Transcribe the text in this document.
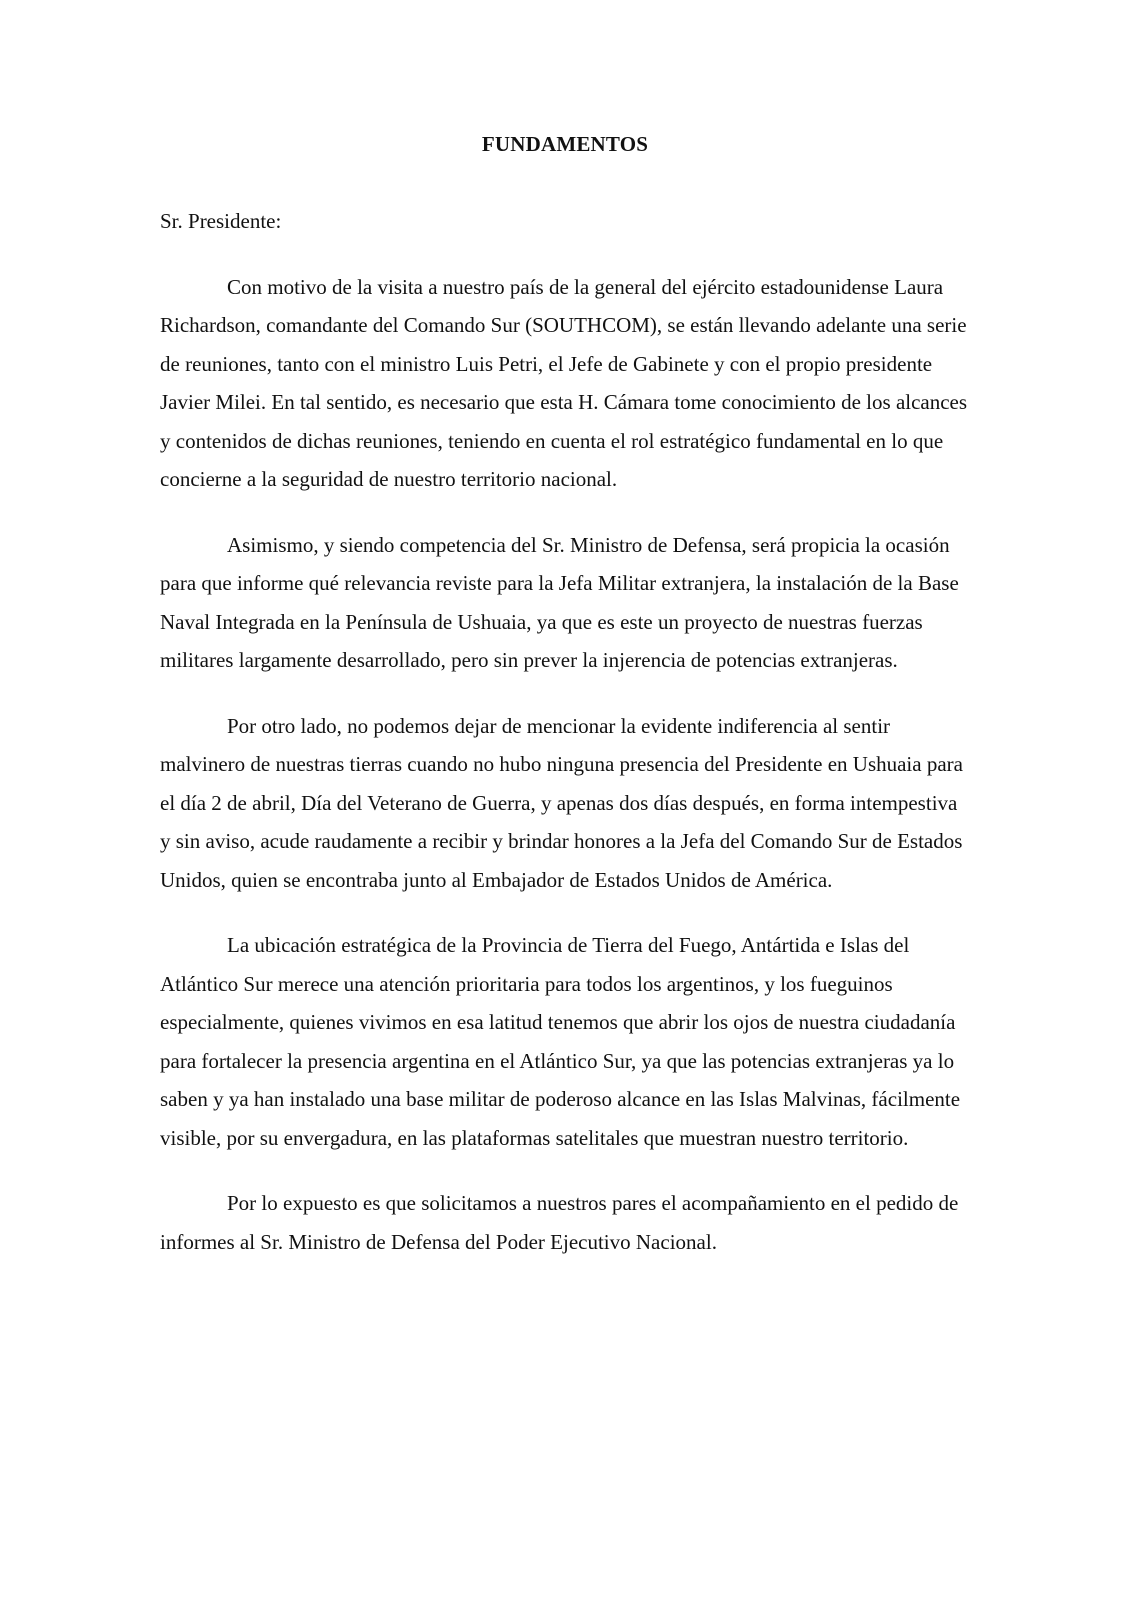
FUNDAMENTOS

Sr. Presidente:

Con motivo de la visita a nuestro país de la general del ejército estadounidense Laura Richardson, comandante del Comando Sur (SOUTHCOM), se están llevando adelante una serie de reuniones, tanto con el ministro Luis Petri, el Jefe de Gabinete y con el propio presidente Javier Milei. En tal sentido, es necesario que esta H. Cámara tome conocimiento de los alcances y contenidos de dichas reuniones, teniendo en cuenta el rol estratégico fundamental en lo que concierne a la seguridad de nuestro territorio nacional.

Asimismo, y siendo competencia del Sr. Ministro de Defensa, será propicia la ocasión para que informe qué relevancia reviste para la Jefa Militar extranjera, la instalación de la Base Naval Integrada en la Península de Ushuaia, ya que es este un proyecto de nuestras fuerzas militares largamente desarrollado, pero sin prever la injerencia de potencias extranjeras.

Por otro lado, no podemos dejar de mencionar la evidente indiferencia al sentir malvinero de nuestras tierras cuando no hubo ninguna presencia del Presidente en Ushuaia para el día 2 de abril, Día del Veterano de Guerra, y apenas dos días después, en forma intempestiva y sin aviso, acude raudamente a recibir y brindar honores a la Jefa del Comando Sur de Estados Unidos, quien se encontraba junto al Embajador de Estados Unidos de América.

La ubicación estratégica de la Provincia de Tierra del Fuego, Antártida e Islas del Atlántico Sur merece una atención prioritaria para todos los argentinos, y los fueguinos especialmente, quienes vivimos en esa latitud tenemos que abrir los ojos de nuestra ciudadanía para fortalecer la presencia argentina en el Atlántico Sur, ya que las potencias extranjeras ya lo saben y ya han instalado una base militar de poderoso alcance en las Islas Malvinas, fácilmente visible, por su envergadura, en las plataformas satelitales que muestran nuestro territorio.

Por lo expuesto es que solicitamos a nuestros pares el acompañamiento en el pedido de informes al Sr. Ministro de Defensa del Poder Ejecutivo Nacional.
